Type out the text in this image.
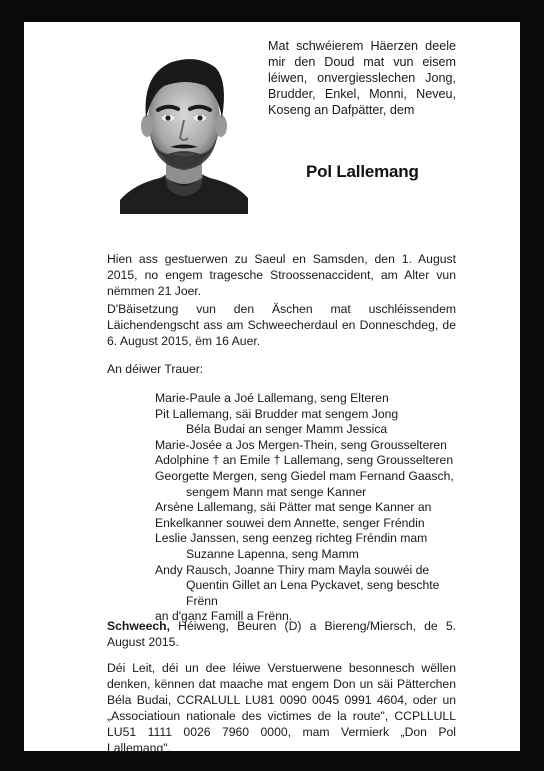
Mat schwéierem Häerzen deele mir den Doud mat vun eisem léiwen, onvergiesslechen Jong, Brudder, Enkel, Monni, Neveu, Koseng an Dafpätter, dem
Pol Lallemang
Hien ass gestuerwen zu Saeul en Samsden, den 1. August 2015, no engem tragesche Stroossenaccident, am Alter vun nëmmen 21 Joer.
D'Bäisetzung vun den Äschen mat uschléissendem Läichendengscht ass am Schweecherdaul en Donneschdeg, de 6. August 2015, ëm 16 Auer.
An déiwer Trauer:
Marie-Paule a Joé Lallemang, seng Elteren
Pit Lallemang, säi Brudder mat sengem Jong
Béla Budai an senger Mamm Jessica
Marie-Josée a Jos Mergen-Thein, seng Grousselteren
Adolphine † an Emile † Lallemang, seng Grousselteren
Georgette Mergen, seng Giedel mam Fernand Gaasch,
sengem Mann mat senge Kanner
Arsène Lallemang, säi Pätter mat senge Kanner an
Enkelkanner souwei dem Annette, senger Fréndin
Leslie Janssen, seng eenzeg richteg Fréndin mam
Suzanne Lapenna, seng Mamm
Andy Rausch, Joanne Thiry mam Mayla souwéi de
Quentin Gillet an Lena Pyckavet, seng beschte
Frënn
an d'ganz Famill a Frënn.
Schweech, Héiweng, Beuren (D) a Biereng/Miersch, de 5. August 2015.
Déi Leit, déi un dee léiwe Verstuerwene besonnesch wëllen denken, kënnen dat maache mat engem Don un säi Pätterchen Béla Budai, CCRALULL LU81 0090 0045 0991 4604, oder un „Associatioun nationale des victimes de la route", CCPLLULL LU51 1111 0026 7960 0000, mam Vermierk „Don Pol Lallemang".
